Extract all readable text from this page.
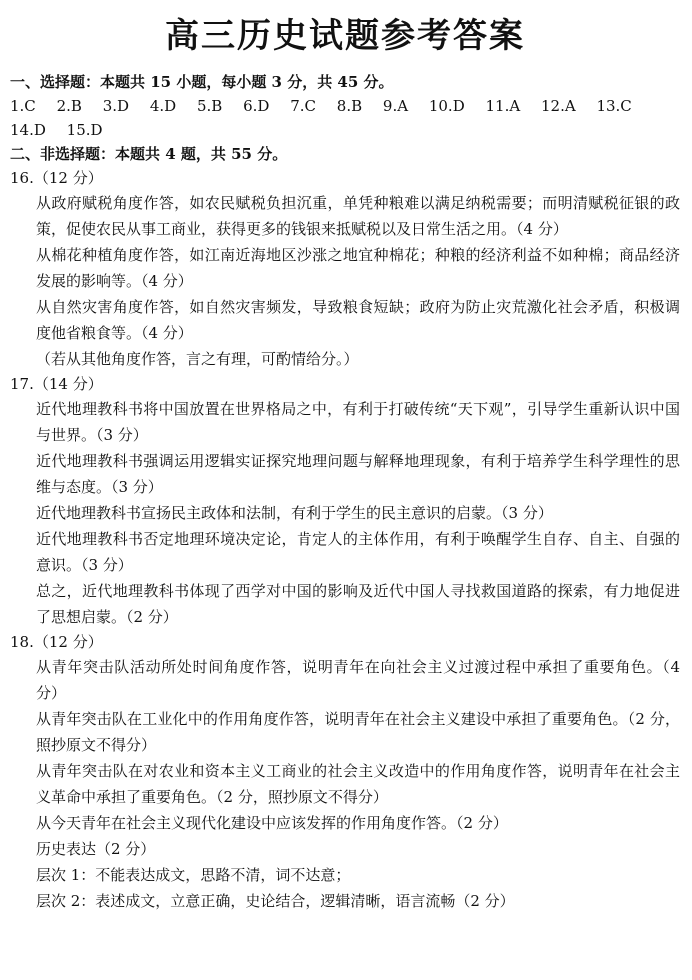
高三历史试题参考答案

一、选择题：本题共 15 小题，每小题 3 分，共 45 分。

1.C 2.B 3.D 4.D 5.B 6.D 7.C 8.B 9.A 10.D 11.A 12.A 13.C

14.D 15.D

二、非选择题：本题共 4 题，共 55 分。

16.（12 分）

从政府赋税角度作答，如农民赋税负担沉重，单凭种粮难以满足纳税需要；而明清赋税征银的政策，促使农民从事工商业，获得更多的钱银来抵赋税以及日常生活之用。（4 分）

从棉花种植角度作答，如江南近海地区沙涨之地宜种棉花；种粮的经济利益不如种棉；商品经济发展的影响等。（4 分）

从自然灾害角度作答，如自然灾害频发，导致粮食短缺；政府为防止灾荒激化社会矛盾，积极调度他省粮食等。（4 分）

（若从其他角度作答，言之有理，可酌情给分。）

17.（14 分）

近代地理教科书将中国放置在世界格局之中，有利于打破传统“天下观”，引导学生重新认识中国与世界。（3 分）

近代地理教科书强调运用逻辑实证探究地理问题与解释地理现象，有利于培养学生科学理性的思维与态度。（3 分）

近代地理教科书宣扬民主政体和法制，有利于学生的民主意识的启蒙。（3 分）

近代地理教科书否定地理环境决定论，肯定人的主体作用，有利于唤醒学生自存、自主、自强的意识。（3 分）

总之，近代地理教科书体现了西学对中国的影响及近代中国人寻找救国道路的探索，有力地促进了思想启蒙。（2 分）

18.（12 分）

从青年突击队活动所处时间角度作答，说明青年在向社会主义过渡过程中承担了重要角色。（4 分）

从青年突击队在工业化中的作用角度作答，说明青年在社会主义建设中承担了重要角色。（2 分，照抄原文不得分）

从青年突击队在对农业和资本主义工商业的社会主义改造中的作用角度作答，说明青年在社会主义革命中承担了重要角色。（2 分，照抄原文不得分）

从今天青年在社会主义现代化建设中应该发挥的作用角度作答。（2 分）

历史表达（2 分）

层次 1：不能表达成文，思路不清，词不达意；

层次 2：表述成文，立意正确，史论结合，逻辑清晰，语言流畅（2 分）
